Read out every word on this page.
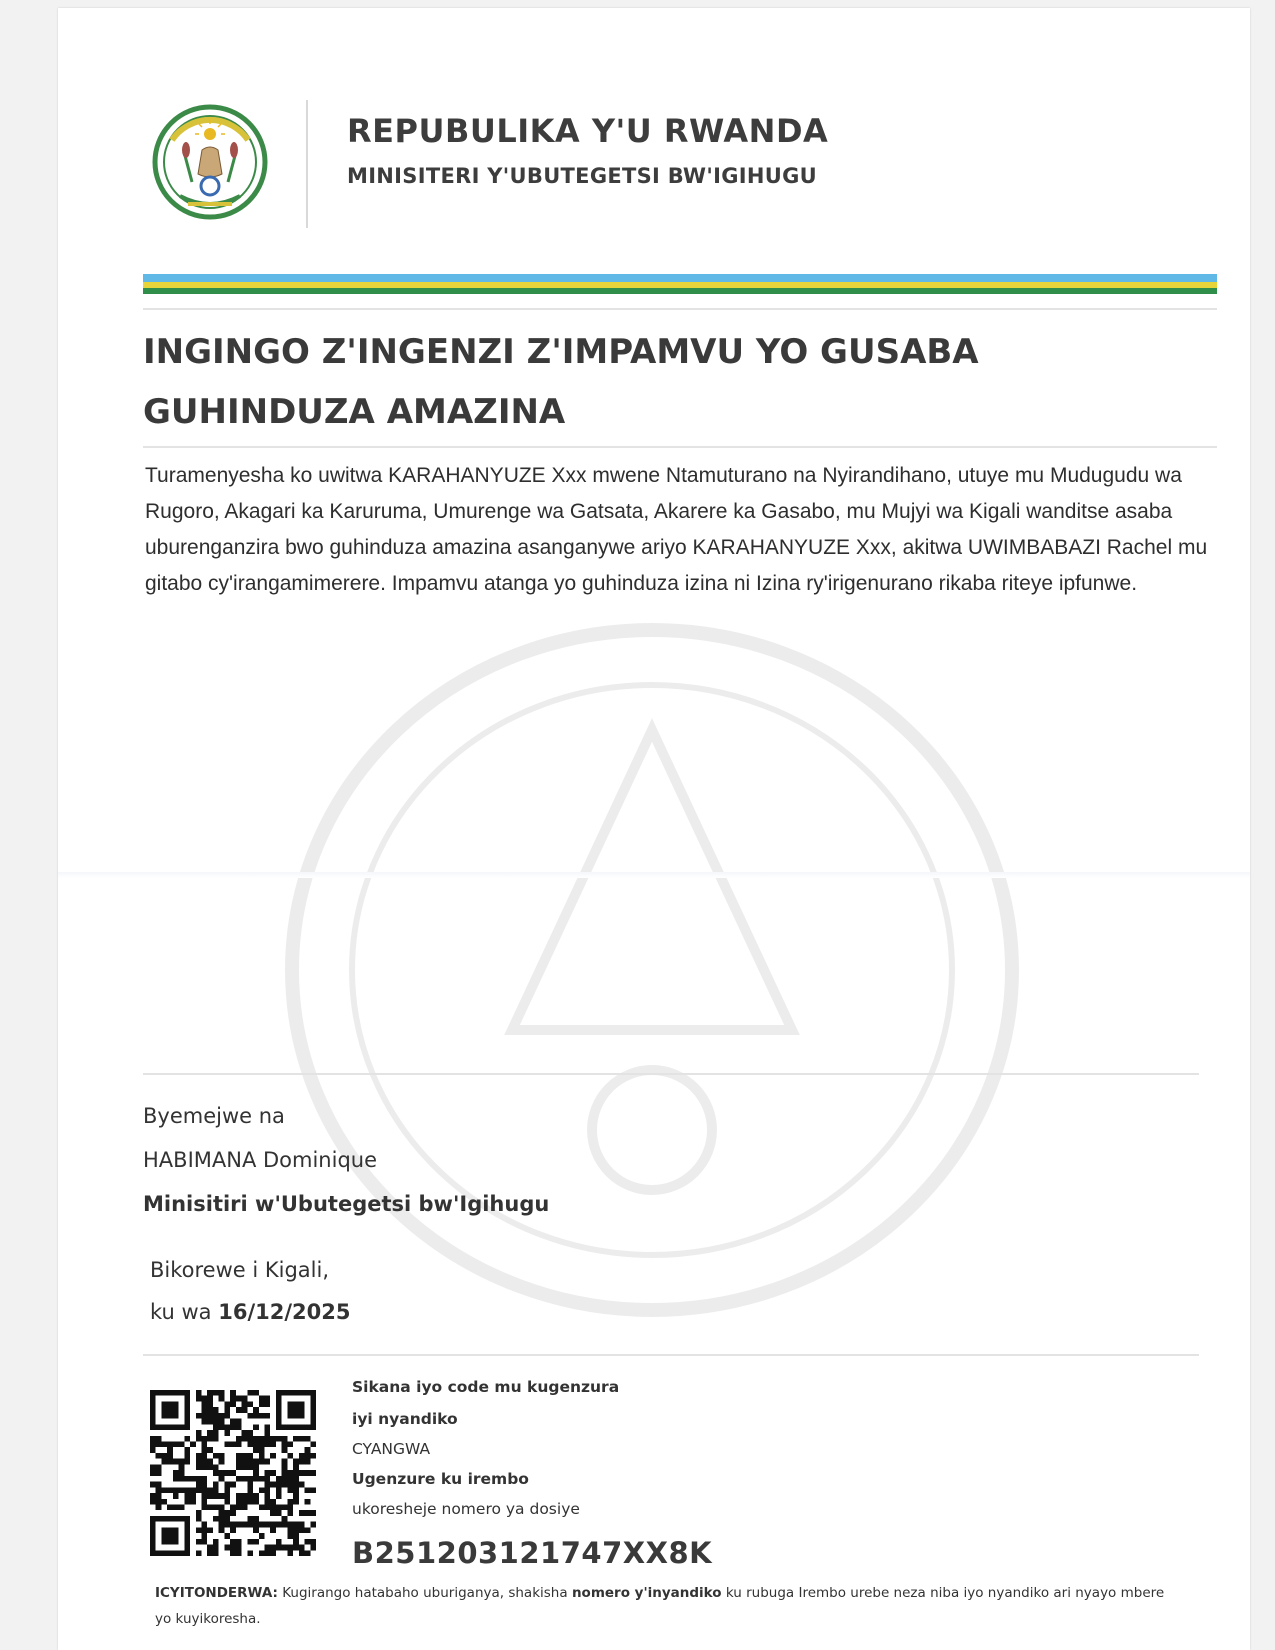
REPUBULIKA Y'U RWANDA
MINISITERI Y'UBUTEGETSI BW'IGIHUGU
INGINGO Z'INGENZI Z'IMPAMVU YO GUSABA GUHINDUZA AMAZINA

Turamenyesha ko uwitwa KARAHANYUZE Xxx mwene Ntamuturano na Nyirandihano, utuye mu Mudugudu wa Rugoro, Akagari ka Karuruma, Umurenge wa Gatsata, Akarere ka Gasabo, mu Mujyi wa Kigali wanditse asaba uburenganzira bwo guhinduza amazina asanganywe ariyo KARAHANYUZE Xxx, akitwa UWIMBABAZI Rachel mu gitabo cy'irangamimerere. Impamvu atanga yo guhinduza izina ni Izina ry'irigenurano rikaba riteye ipfunwe.

Byemejwe na
HABIMANA Dominique
Minisitiri w'Ubutegetsi bw'Igihugu
Bikorewe i Kigali,
ku wa 16/12/2025
Sikana iyo code mu kugenzura
iyi nyandiko
CYANGWA
Ugenzure ku irembo
ukoresheje nomero ya dosiye
B251203121747XX8K

ICYITONDERWA: Kugirango hatabaho uburiganya, shakisha nomero y'inyandiko ku rubuga Irembo urebe neza niba iyo nyandiko ari nyayo mbere yo kuyikoresha.
